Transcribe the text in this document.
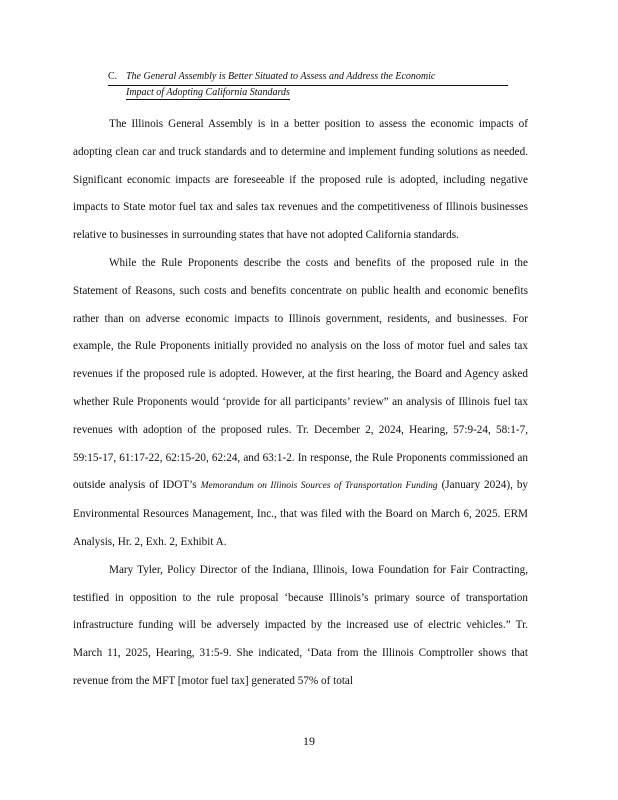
C. The General Assembly is Better Situated to Assess and Address the Economic
Impact of Adopting California Standards

The Illinois General Assembly is in a better position to assess the economic impacts of adopting clean car and truck standards and to determine and implement funding solutions as needed. Significant economic impacts are foreseeable if the proposed rule is adopted, including negative impacts to State motor fuel tax and sales tax revenues and the competitiveness of Illinois businesses relative to businesses in surrounding states that have not adopted California standards.

While the Rule Proponents describe the costs and benefits of the proposed rule in the Statement of Reasons, such costs and benefits concentrate on public health and economic benefits rather than on adverse economic impacts to Illinois government, residents, and businesses. For example, the Rule Proponents initially provided no analysis on the loss of motor fuel and sales tax revenues if the proposed rule is adopted. However, at the first hearing, the Board and Agency asked whether Rule Proponents would ‘provide for all participants’ review” an analysis of Illinois fuel tax revenues with adoption of the proposed rules. Tr. December 2, 2024, Hearing, 57:9-24, 58:1-7, 59:15-17, 61:17-22, 62:15-20, 62:24, and 63:1-2. In response, the Rule Proponents commissioned an outside analysis of IDOT’s Memorandum on Illinois Sources of Transportation Funding (January 2024), by Environmental Resources Management, Inc., that was filed with the Board on March 6, 2025. ERM Analysis, Hr. 2, Exh. 2, Exhibit A.

Mary Tyler, Policy Director of the Indiana, Illinois, Iowa Foundation for Fair Contracting, testified in opposition to the rule proposal ‘because Illinois’s primary source of transportation infrastructure funding will be adversely impacted by the increased use of electric vehicles.” Tr. March 11, 2025, Hearing, 31:5-9. She indicated, ‘Data from the Illinois Comptroller shows that revenue from the MFT [motor fuel tax] generated 57% of total

19
